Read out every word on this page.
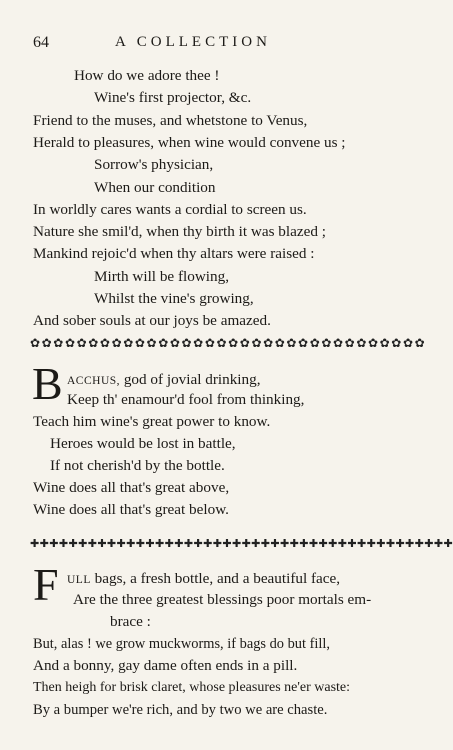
64	A COLLECTION
How do we adore thee !
Wine's first projector, &c.
Friend to the muses, and whetstone to Venus,
Herald to pleasures, when wine would convene us ;
Sorrow's physician,
When our condition
In worldly cares wants a cordial to screen us.
Nature she smil'd, when thy birth it was blazed ;
Mankind rejoic'd when thy altars were raised :
Mirth will be flowing,
Whilst the vine's growing,
And sober souls at our joys be amazed.
✿✿✿✿✿✿✿✿✿✿✿✿✿✿✿✿✿✿✿✿✿✿✿✿✿✿✿✿✿✿✿✿✿✿
B ACCHUS, god of jovial drinking,
Keep th' enamour'd fool from thinking,
Teach him wine's great power to know.
Heroes would be lost in battle,
If not cherish'd by the bottle.
Wine does all that's great above,
Wine does all that's great below.
✚✚✚✚✚✚✚✚✚✚✚✚✚✚✚✚✚✚✚✚✚✚✚✚✚✚✚✚✚✚✚✚✚✚✚✚✚✚✚✚✚✚✚✚
F ULL bags, a fresh bottle, and a beautiful face,
Are the three greatest blessings poor mortals em-
brace :
But, alas ! we grow muckworms, if bags do but fill,
And a bonny, gay dame often ends in a pill.
Then heigh for brisk claret, whose pleasures ne'er waste:
By a bumper we're rich, and by two we are chaste.
